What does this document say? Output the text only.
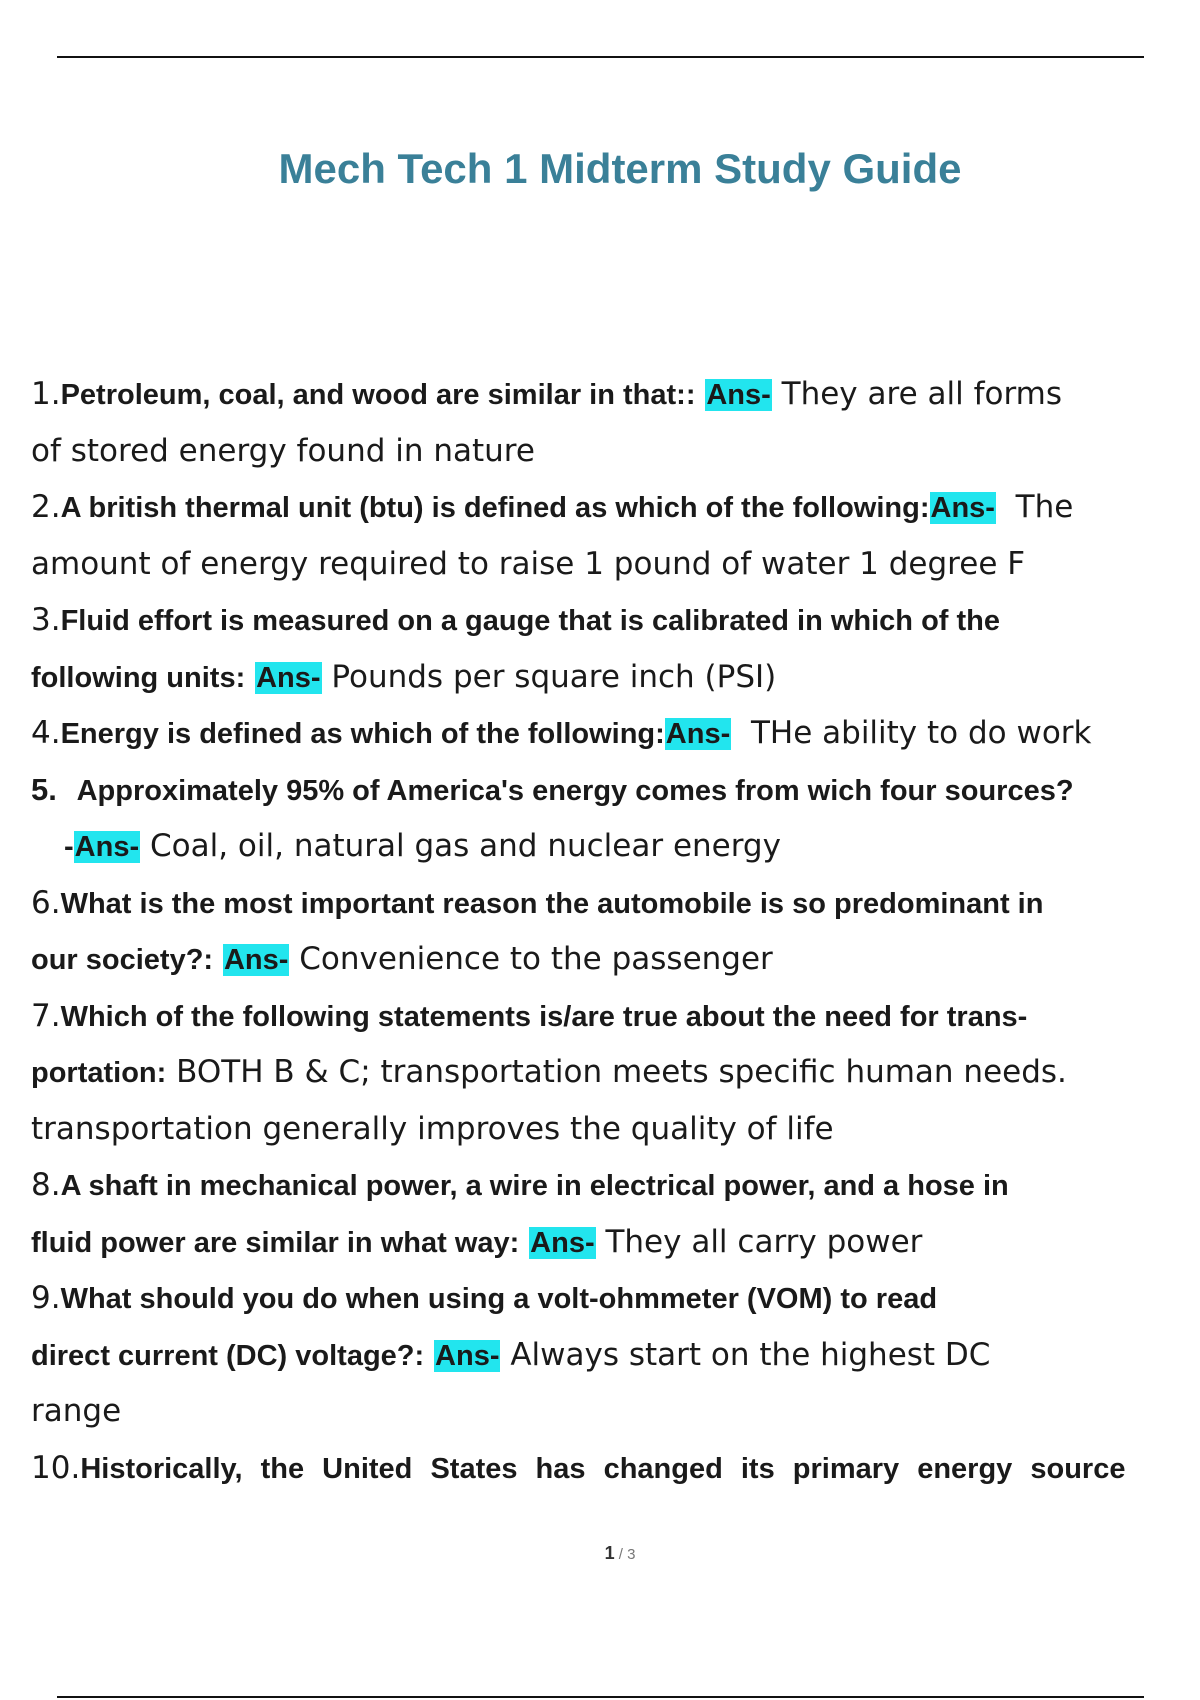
Mech Tech 1 Midterm Study Guide
1.Petroleum, coal, and wood are similar in that:: Ans- They are all forms
of stored energy found in nature
2.A british thermal unit (btu) is defined as which of the following:Ans- The
amount of energy required to raise 1 pound of water 1 degree F
3.Fluid effort is measured on a gauge that is calibrated in which of the
following units: Ans- Pounds per square inch (PSI)
4.Energy is defined as which of the following:Ans- THe ability to do work
5. Approximately 95% of America's energy comes from wich four sources?
-Ans- Coal, oil, natural gas and nuclear energy
6.What is the most important reason the automobile is so predominant in
our society?: Ans- Convenience to the passenger
7.Which of the following statements is/are true about the need for trans-
portation: BOTH B & C; transportation meets specific human needs.
transportation generally improves the quality of life
8.A shaft in mechanical power, a wire in electrical power, and a hose in
fluid power are similar in what way: Ans- They all carry power
9.What should you do when using a volt-ohmmeter (VOM) to read
direct current (DC) voltage?: Ans- Always start on the highest DC
range
10.Historically, the United States has changed its primary energy source
1 / 3
